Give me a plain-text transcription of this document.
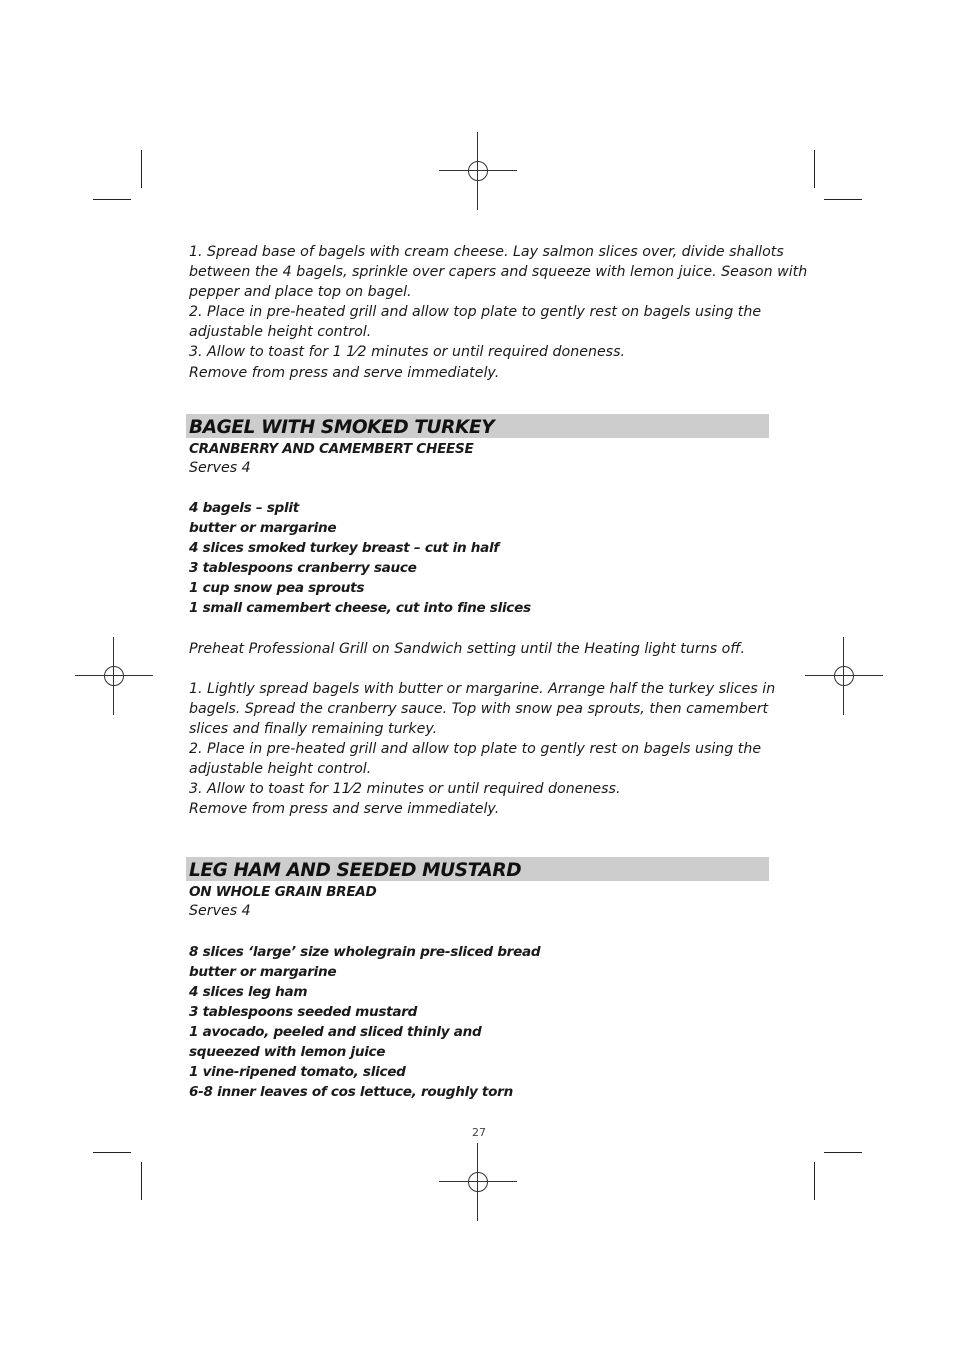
1. Spread base of bagels with cream cheese. Lay salmon slices over, divide shallots
between the 4 bagels, sprinkle over capers and squeeze with lemon juice. Season with
pepper and place top on bagel.
2. Place in pre-heated grill and allow top plate to gently rest on bagels using the
adjustable height control.
3. Allow to toast for 1 1⁄2 minutes or until required doneness.
Remove from press and serve immediately.
BAGEL WITH SMOKED TURKEY
CRANBERRY AND CAMEMBERT CHEESE
Serves 4
4 bagels – split
butter or margarine
4 slices smoked turkey breast – cut in half
3 tablespoons cranberry sauce
1 cup snow pea sprouts
1 small camembert cheese, cut into fine slices
Preheat Professional Grill on Sandwich setting until the Heating light turns off.
1. Lightly spread bagels with butter or margarine. Arrange half the turkey slices in
bagels. Spread the cranberry sauce. Top with snow pea sprouts, then camembert
slices and finally remaining turkey.
2. Place in pre-heated grill and allow top plate to gently rest on bagels using the
adjustable height control.
3. Allow to toast for 11⁄2 minutes or until required doneness.
Remove from press and serve immediately.
LEG HAM AND SEEDED MUSTARD
ON WHOLE GRAIN BREAD
Serves 4
8 slices ‘large’ size wholegrain pre-sliced bread
butter or margarine
4 slices leg ham
3 tablespoons seeded mustard
1 avocado, peeled and sliced thinly and
squeezed with lemon juice
1 vine-ripened tomato, sliced
6-8 inner leaves of cos lettuce, roughly torn
27
